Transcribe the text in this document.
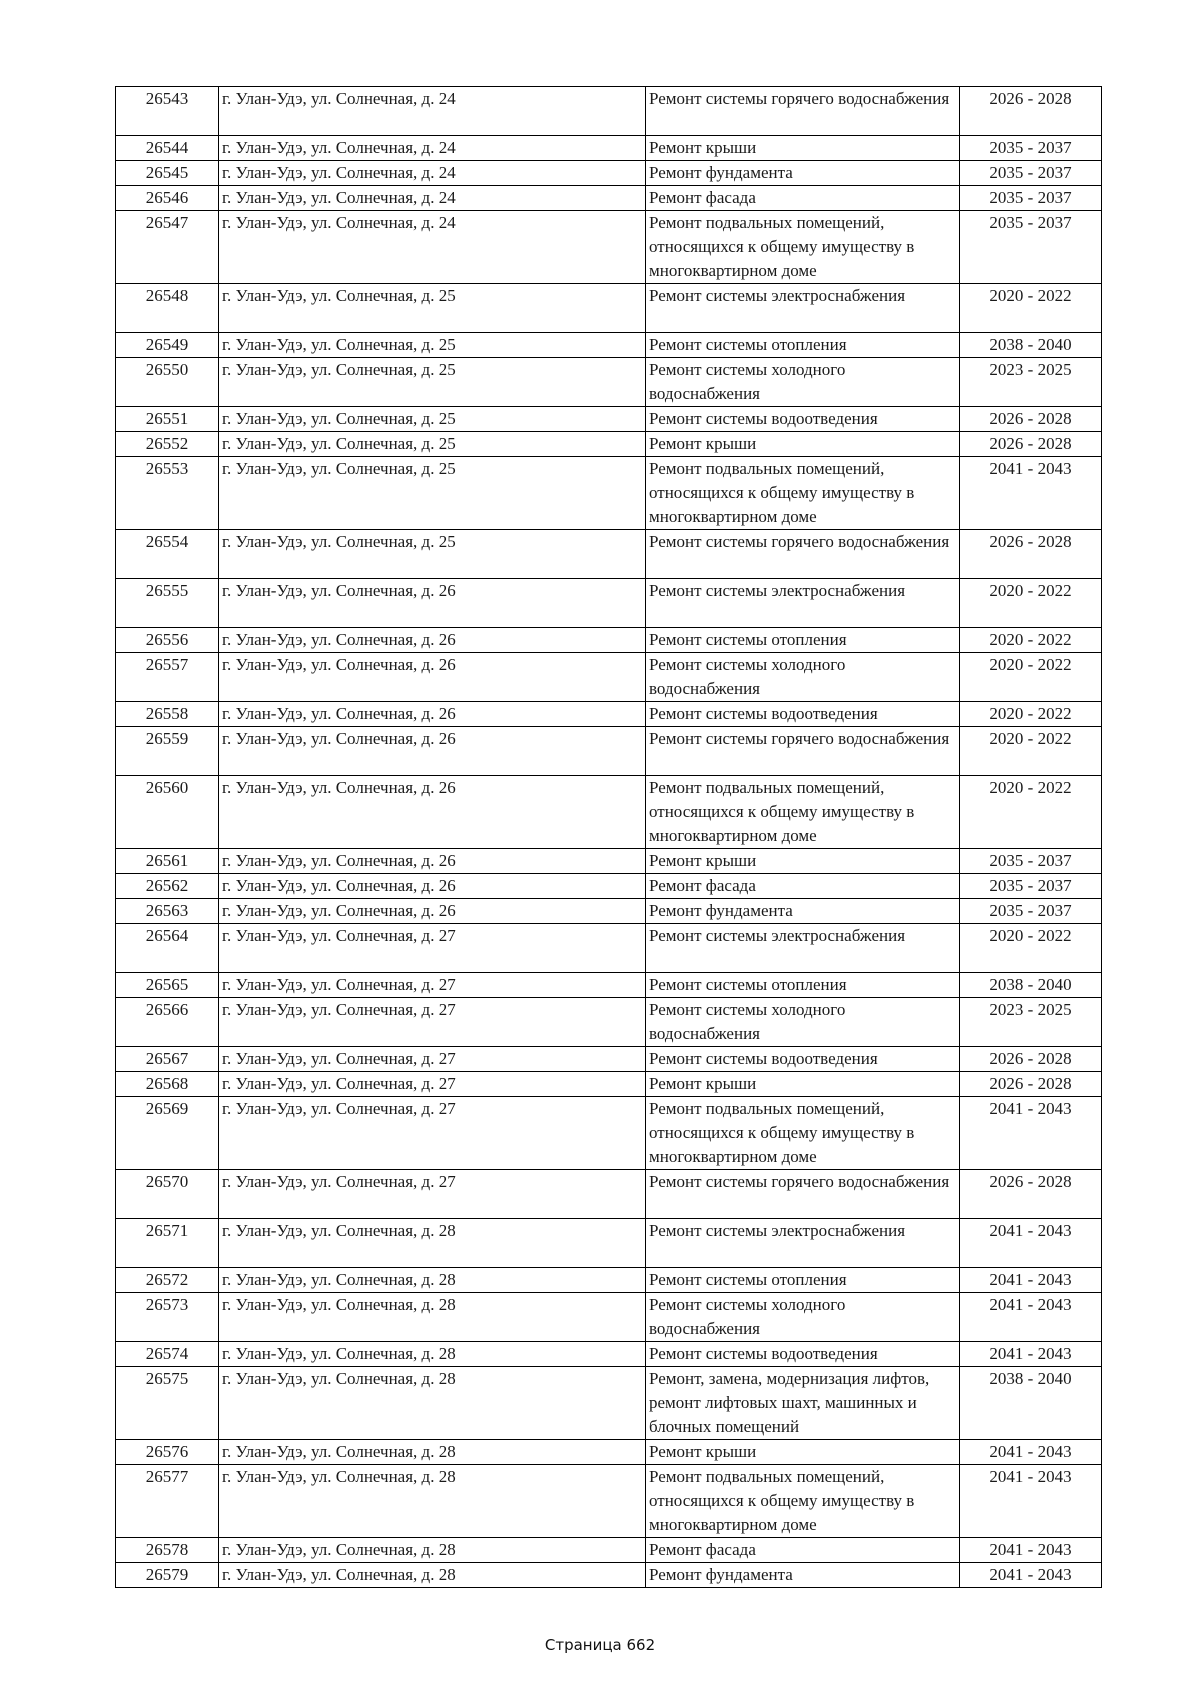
26543	г. Улан-Удэ, ул. Солнечная, д. 24	Ремонт системы горячего водоснабжения	2026 - 2028
26544	г. Улан-Удэ, ул. Солнечная, д. 24	Ремонт крыши	2035 - 2037
26545	г. Улан-Удэ, ул. Солнечная, д. 24	Ремонт фундамента	2035 - 2037
26546	г. Улан-Удэ, ул. Солнечная, д. 24	Ремонт фасада	2035 - 2037
26547	г. Улан-Удэ, ул. Солнечная, д. 24	Ремонт подвальных помещений, относящихся к общему имуществу в многоквартирном доме	2035 - 2037
26548	г. Улан-Удэ, ул. Солнечная, д. 25	Ремонт системы электроснабжения	2020 - 2022
26549	г. Улан-Удэ, ул. Солнечная, д. 25	Ремонт системы отопления	2038 - 2040
26550	г. Улан-Удэ, ул. Солнечная, д. 25	Ремонт системы холодного водоснабжения	2023 - 2025
26551	г. Улан-Удэ, ул. Солнечная, д. 25	Ремонт системы водоотведения	2026 - 2028
26552	г. Улан-Удэ, ул. Солнечная, д. 25	Ремонт крыши	2026 - 2028
26553	г. Улан-Удэ, ул. Солнечная, д. 25	Ремонт подвальных помещений, относящихся к общему имуществу в многоквартирном доме	2041 - 2043
26554	г. Улан-Удэ, ул. Солнечная, д. 25	Ремонт системы горячего водоснабжения	2026 - 2028
26555	г. Улан-Удэ, ул. Солнечная, д. 26	Ремонт системы электроснабжения	2020 - 2022
26556	г. Улан-Удэ, ул. Солнечная, д. 26	Ремонт системы отопления	2020 - 2022
26557	г. Улан-Удэ, ул. Солнечная, д. 26	Ремонт системы холодного водоснабжения	2020 - 2022
26558	г. Улан-Удэ, ул. Солнечная, д. 26	Ремонт системы водоотведения	2020 - 2022
26559	г. Улан-Удэ, ул. Солнечная, д. 26	Ремонт системы горячего водоснабжения	2020 - 2022
26560	г. Улан-Удэ, ул. Солнечная, д. 26	Ремонт подвальных помещений, относящихся к общему имуществу в многоквартирном доме	2020 - 2022
26561	г. Улан-Удэ, ул. Солнечная, д. 26	Ремонт крыши	2035 - 2037
26562	г. Улан-Удэ, ул. Солнечная, д. 26	Ремонт фасада	2035 - 2037
26563	г. Улан-Удэ, ул. Солнечная, д. 26	Ремонт фундамента	2035 - 2037
26564	г. Улан-Удэ, ул. Солнечная, д. 27	Ремонт системы электроснабжения	2020 - 2022
26565	г. Улан-Удэ, ул. Солнечная, д. 27	Ремонт системы отопления	2038 - 2040
26566	г. Улан-Удэ, ул. Солнечная, д. 27	Ремонт системы холодного водоснабжения	2023 - 2025
26567	г. Улан-Удэ, ул. Солнечная, д. 27	Ремонт системы водоотведения	2026 - 2028
26568	г. Улан-Удэ, ул. Солнечная, д. 27	Ремонт крыши	2026 - 2028
26569	г. Улан-Удэ, ул. Солнечная, д. 27	Ремонт подвальных помещений, относящихся к общему имуществу в многоквартирном доме	2041 - 2043
26570	г. Улан-Удэ, ул. Солнечная, д. 27	Ремонт системы горячего водоснабжения	2026 - 2028
26571	г. Улан-Удэ, ул. Солнечная, д. 28	Ремонт системы электроснабжения	2041 - 2043
26572	г. Улан-Удэ, ул. Солнечная, д. 28	Ремонт системы отопления	2041 - 2043
26573	г. Улан-Удэ, ул. Солнечная, д. 28	Ремонт системы холодного водоснабжения	2041 - 2043
26574	г. Улан-Удэ, ул. Солнечная, д. 28	Ремонт системы водоотведения	2041 - 2043
26575	г. Улан-Удэ, ул. Солнечная, д. 28	Ремонт, замена, модернизация лифтов, ремонт лифтовых шахт, машинных и блочных помещений	2038 - 2040
26576	г. Улан-Удэ, ул. Солнечная, д. 28	Ремонт крыши	2041 - 2043
26577	г. Улан-Удэ, ул. Солнечная, д. 28	Ремонт подвальных помещений, относящихся к общему имуществу в многоквартирном доме	2041 - 2043
26578	г. Улан-Удэ, ул. Солнечная, д. 28	Ремонт фасада	2041 - 2043
26579	г. Улан-Удэ, ул. Солнечная, д. 28	Ремонт фундамента	2041 - 2043
Страница 662
